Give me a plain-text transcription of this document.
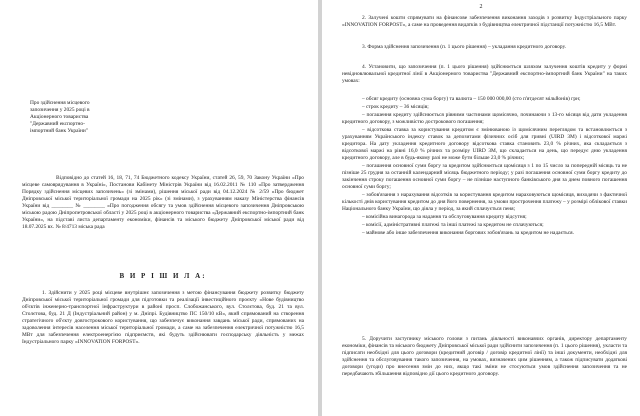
Про здійснення місцевого
запозичення у 2025 році в
Акціонерного товариства
"Державний експортно-
імпортний банк України"

Відповідно до статей 16, 18, 71, 74 Бюджетного кодексу України, статей 26, 59, 70 Закону України «Про місцеве самоврядування в Україні», Постанови Кабінету Міністрів України від 16.02.2011 № 110 «Про затвердження Порядку здійснення місцевих запозичень» (зі змінами), рішення міської ради від 04.12.2024 № 2/59 «Про бюджет Дніпровської міської територіальної громади на 2025 рік» (зі змінами), з урахуванням наказу Міністерства фінансів України від ________ № ________ «Про погодження обсягу та умов здійснення місцевого запозичення Дніпровською міською радою Дніпропетровської області у 2025 році в акціонерного товариства «Державний експортно-імпортний банк України», на підставі листа департаменту економіки, фінансів та міського бюджету Дніпровської міської ради від 18.07.2025 вх. № 8/4713 міська рада

В И Р І Ш И Л А:

1. Здійснити у 2025 році місцеве внутрішнє запозичення з метою фінансування бюджету розвитку бюджету Дніпровської міської територіальної громади для підготовки та реалізації інвестиційного проєкту «Нове будівництво об'єктів інженерно-транспортної інфраструктури в районі просп. Слобожанського, вул. Столєтова, буд. 21 та вул. Столєтова, буд. 21 Д (Індустріальний район) у м. Дніпрі. Будівництво ПС 150/10 кВ», який спрямований на створення стратегічного об'єкту довгострокового користування, що забезпечує виконання завдань міської ради, спрямованих на задоволення інтересів населення міської територіальної громади, а саме на забезпечення електричної потужністю 16,5 МВт для забезпечення електроенергією підприємств, які будуть здійснювати господарську діяльність у межах Індустріального парку «INNOVATION FORPOST».

2

2. Залучені кошти спрямувати на фінансове забезпечення виконання заходів з розвитку Індустріального парку «INNOVATION FORPOST», а саме на проведення видатків з будівництва електричної підстанції потужністю 16,5 МВт.

3. Форма здійснення запозичення (п. 1 цього рішення) – укладання кредитного договору.

4. Установити, що запозичення (п. 1 цього рішення) здійснюється шляхом залучення коштів кредиту у формі невідновлювальної кредитної лінії в Акціонерного товариства "Державний експортно-імпортний банк України" на таких умовах:

– обсяг кредиту (основна сума боргу) та валюта – 150 000 000,00 (сто п'ятдесят мільйонів) грн;

– строк кредиту – 36 місяців;

– погашення кредиту здійснюється рівними частинами щомісячно, починаючи з 13-го місяця від дати укладення кредитного договору, з можливістю дострокового погашення;

– відсоткова ставка за користування кредитом є змінюваною із щомісячним переглядом та встановлюється з урахуванням Українського індексу ставок за депозитами фізичних осіб для гривні (UIRD 3M) і відсоткової маржі кредитора. На дату укладення кредитного договору відсоткова ставка становить 23,0 % річних, яка складається з відсоткової маржі на рівні 16,0 % річних та розміру UIRD 3M, що складається на день, що передує дню укладення кредитного договору, але в будь-якому разі не може бути більше 23,0 % річних;

– погашення основної суми боргу за кредитом здійснюється щомісяця з 1 по 15 число за попередній місяць та не пізніше 25 грудня за останній календарний місяць бюджетного періоду; у разі погашення основної суми боргу кредиту до закінчення строку погашення основної суми боргу – не пізніше наступного банківського дня за днем повного погашення основної суми боргу;

– зобов'язання з нарахування відсотків за користування кредитом нараховуються щомісяця, виходячи з фактичної кількості днів користування кредитом до дня його повернення, за умови прострочення платежу – у розмірі облікової ставки Національного банку України, що діяла у період, за який сплачується пеня;

– комісійна винагорода за надання та обслуговування кредиту відсутня;

– комісії, адміністративні платежі та інші платежі за кредитом не сплачуються;

– майнове або інше забезпечення виконання боргових зобов'язань за кредитом не надається.

5. Доручити заступнику міського голови з питань діяльності виконавчих органів, директору департаменту економіки, фінансів та міського бюджету Дніпровської міської ради здійснити запозичення (п. 1 цього рішення), укласти та підписати необхідні для цього договори (кредитний договір / договір кредитної лінії) та інші документи, необхідні для здійснення та обслуговування такого запозичення, на умовах, визначених цим рішенням, а також підписувати додаткові договори (угоди) про внесення змін до них, якщо такі зміни не стосуються умов здійснення запозичення та не передбачають збільшення відповідно дії цього кредитного договору.
